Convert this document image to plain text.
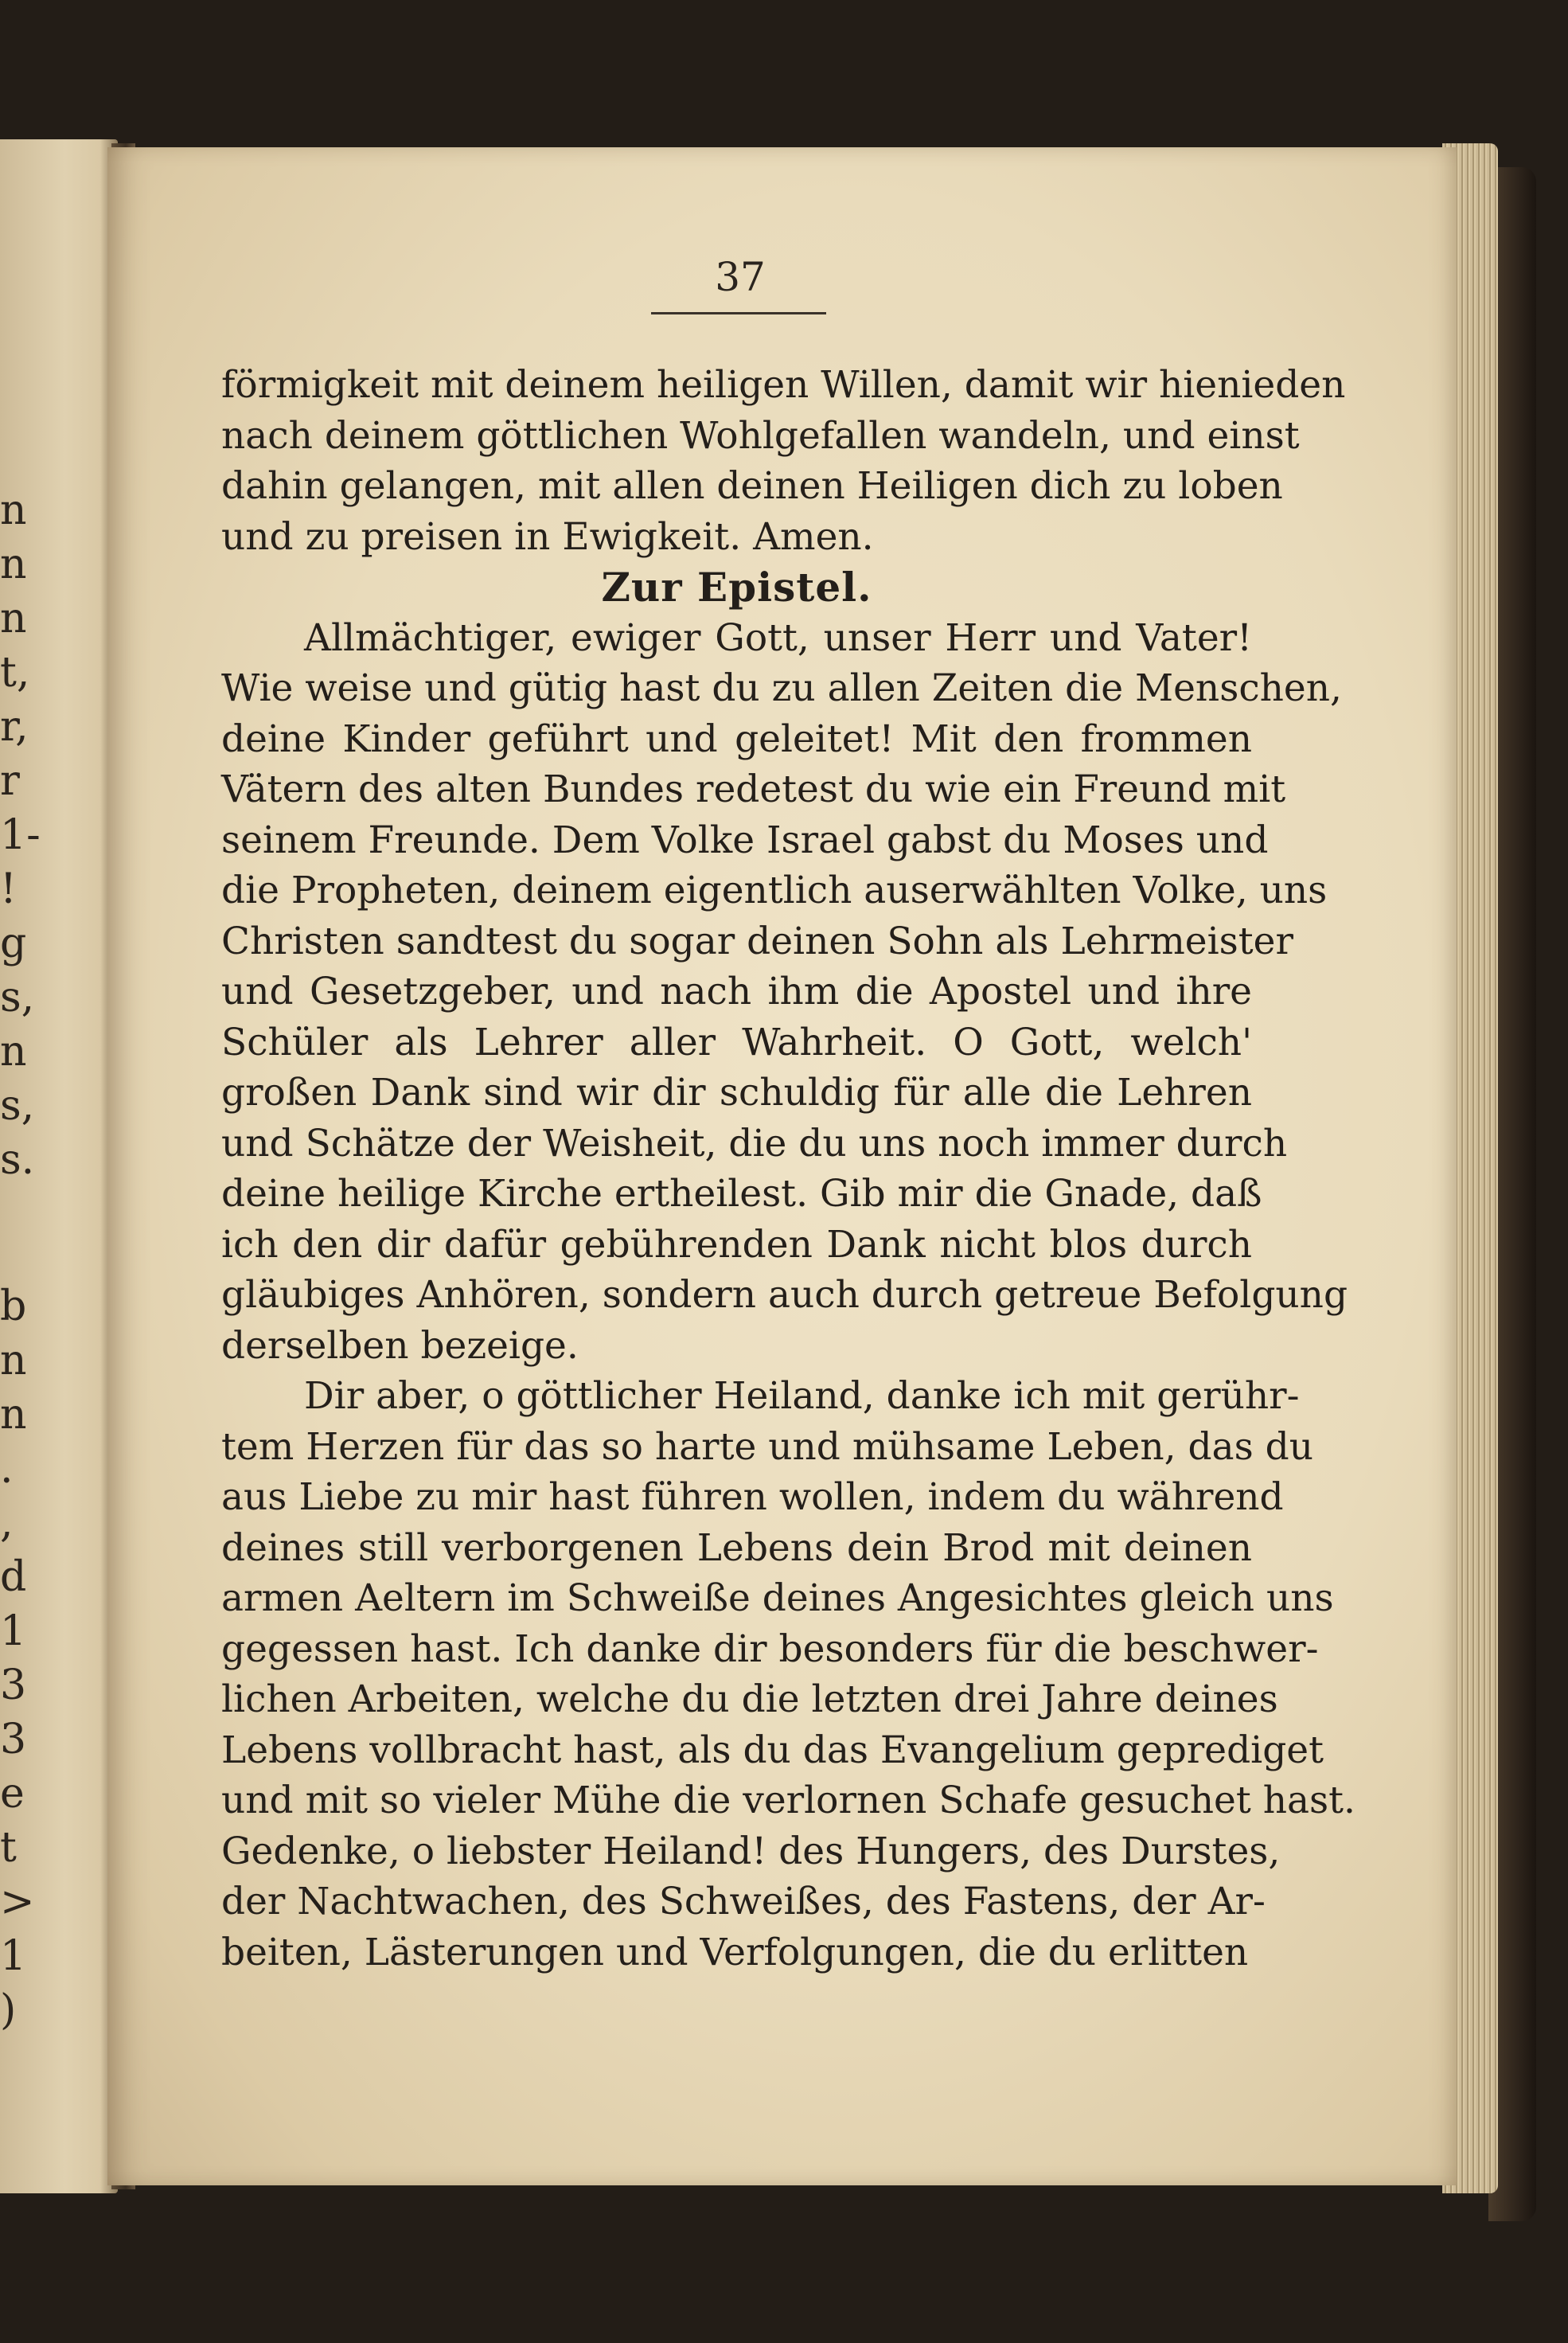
n
n
n
t,
r,
r
1-
!
g
s,
n
s,
s.
b
n
n
.
,
d
1
3
3
e
t
>
1
)
37
förmigkeit mit deinem heiligen Willen, damit wir hienieden
nach deinem göttlichen Wohlgefallen wandeln, und einst
dahin gelangen, mit allen deinen Heiligen dich zu loben
und zu preisen in Ewigkeit. Amen.
Zur Epistel.
Allmächtiger, ewiger Gott, unser Herr und Vater!
Wie weise und gütig hast du zu allen Zeiten die Menschen,
deine Kinder geführt und geleitet! Mit den frommen
Vätern des alten Bundes redetest du wie ein Freund mit
seinem Freunde. Dem Volke Israel gabst du Moses und
die Propheten, deinem eigentlich auserwählten Volke, uns
Christen sandtest du sogar deinen Sohn als Lehrmeister
und Gesetzgeber, und nach ihm die Apostel und ihre
Schüler als Lehrer aller Wahrheit. O Gott, welch'
großen Dank sind wir dir schuldig für alle die Lehren
und Schätze der Weisheit, die du uns noch immer durch
deine heilige Kirche ertheilest. Gib mir die Gnade, daß
ich den dir dafür gebührenden Dank nicht blos durch
gläubiges Anhören, sondern auch durch getreue Befolgung
derselben bezeige.
Dir aber, o göttlicher Heiland, danke ich mit gerühr-
tem Herzen für das so harte und mühsame Leben, das du
aus Liebe zu mir hast führen wollen, indem du während
deines still verborgenen Lebens dein Brod mit deinen
armen Aeltern im Schweiße deines Angesichtes gleich uns
gegessen hast. Ich danke dir besonders für die beschwer-
lichen Arbeiten, welche du die letzten drei Jahre deines
Lebens vollbracht hast, als du das Evangelium geprediget
und mit so vieler Mühe die verlornen Schafe gesuchet hast.
Gedenke, o liebster Heiland! des Hungers, des Durstes,
der Nachtwachen, des Schweißes, des Fastens, der Ar-
beiten, Lästerungen und Verfolgungen, die du erlitten
